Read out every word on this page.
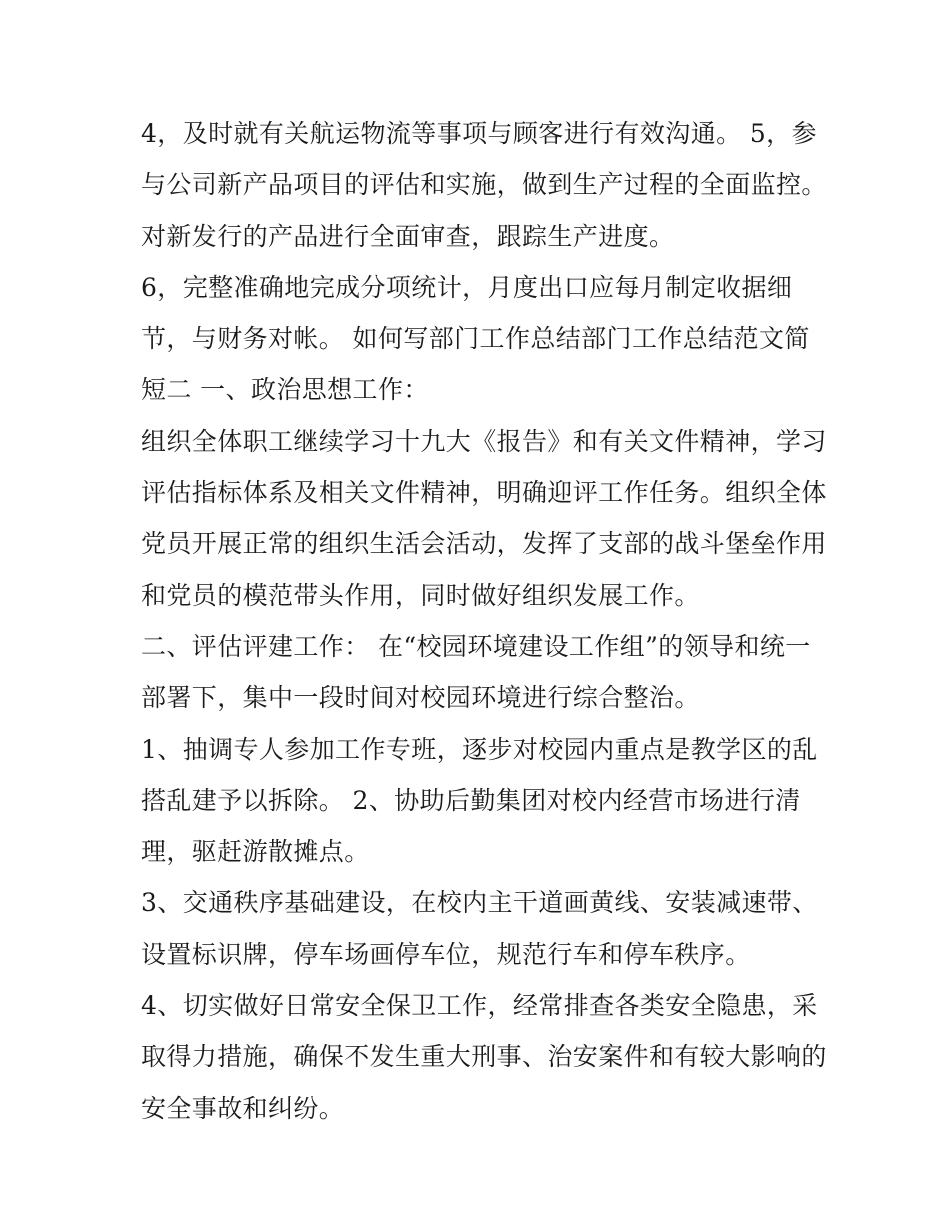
4，及时就有关航运物流等事项与顾客进行有效沟通。 5，参
与公司新产品项目的评估和实施，做到生产过程的全面监控。
对新发行的产品进行全面审查，跟踪生产进度。
6，完整准确地完成分项统计，月度出口应每月制定收据细
节，与财务对帐。 如何写部门工作总结部门工作总结范文简
短二 一、政治思想工作：
组织全体职工继续学习十九大《报告》和有关文件精神，学习
评估指标体系及相关文件精神，明确迎评工作任务。组织全体
党员开展正常的组织生活会活动，发挥了支部的战斗堡垒作用
和党员的模范带头作用，同时做好组织发展工作。
二、评估评建工作： 在“校园环境建设工作组”的领导和统一
部署下，集中一段时间对校园环境进行综合整治。
1、抽调专人参加工作专班，逐步对校园内重点是教学区的乱
搭乱建予以拆除。 2、协助后勤集团对校内经营市场进行清
理，驱赶游散摊点。
3、交通秩序基础建设，在校内主干道画黄线、安装减速带、
设置标识牌，停车场画停车位，规范行车和停车秩序。
4、切实做好日常安全保卫工作，经常排查各类安全隐患，采
取得力措施，确保不发生重大刑事、治安案件和有较大影响的
安全事故和纠纷。
